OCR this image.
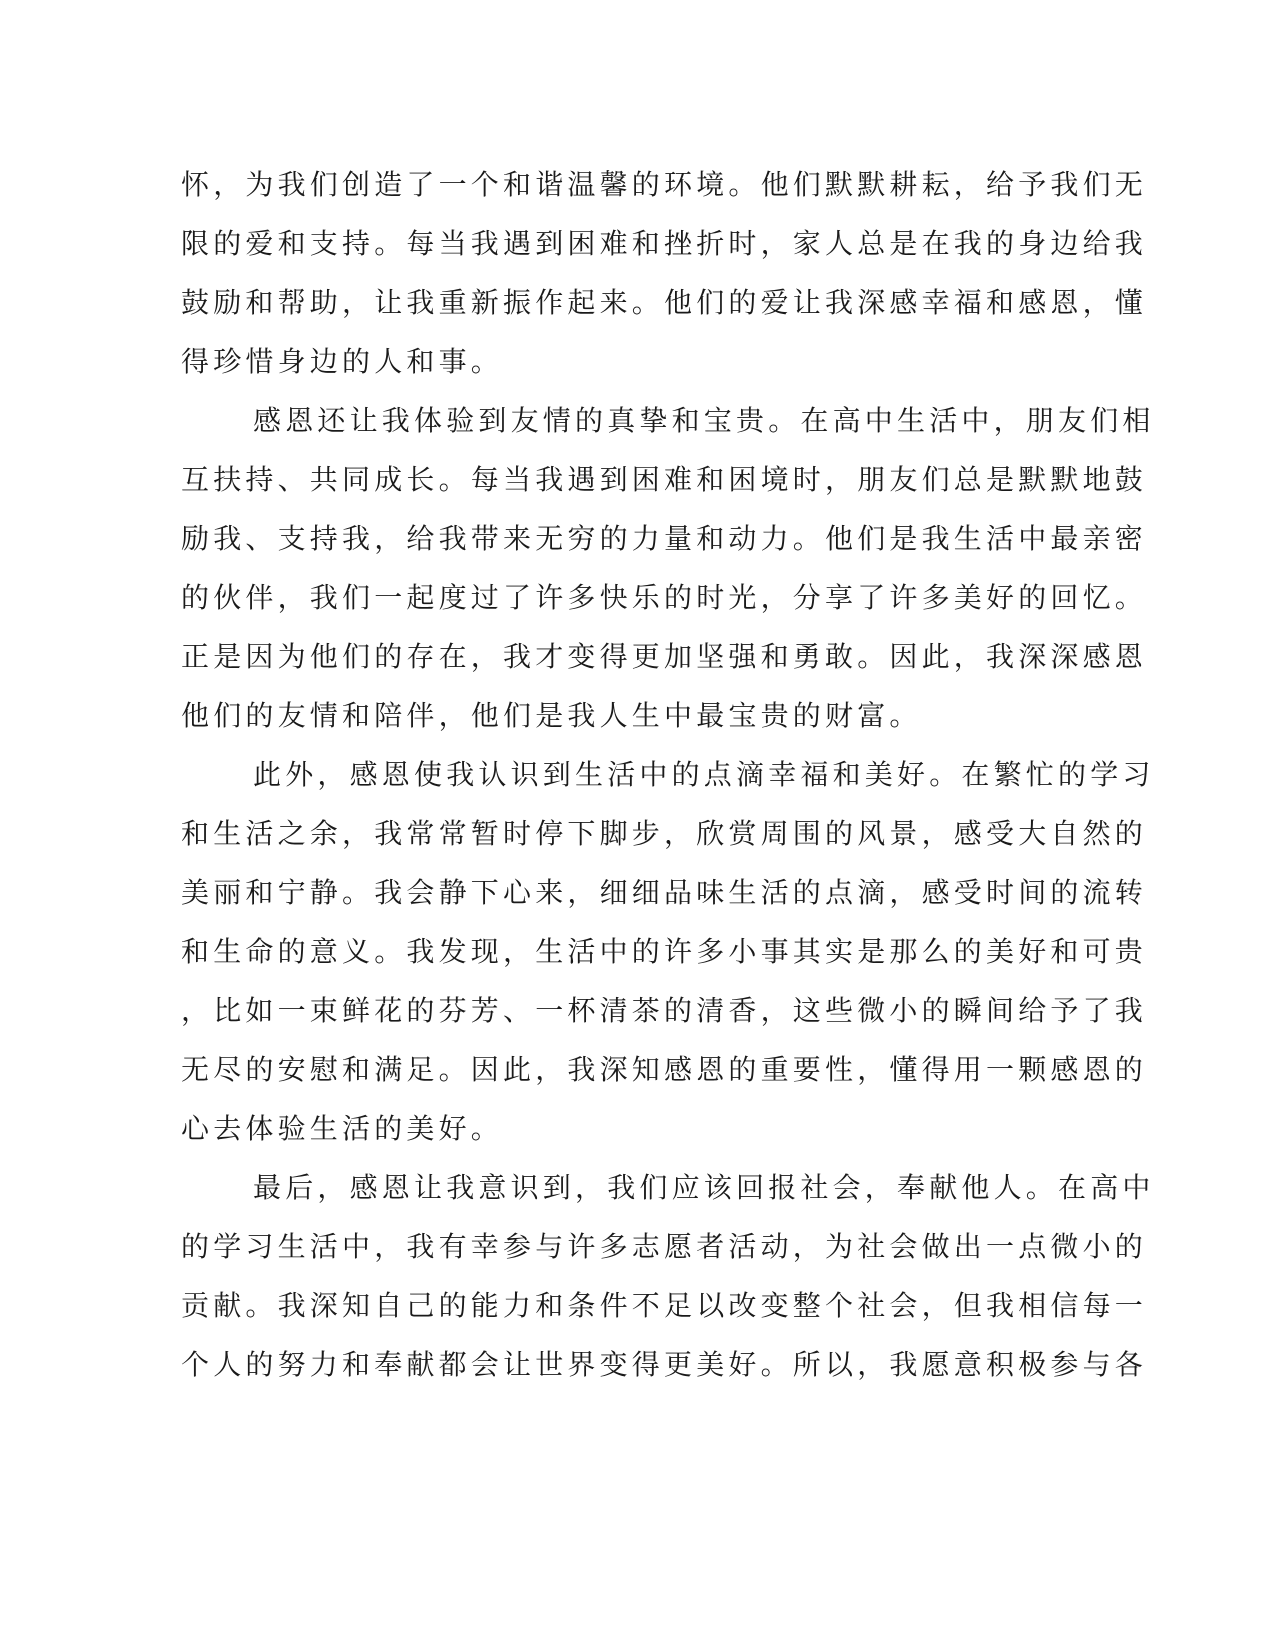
怀，为我们创造了一个和谐温馨的环境。他们默默耕耘，给予我们无
限的爱和支持。每当我遇到困难和挫折时，家人总是在我的身边给我
鼓励和帮助，让我重新振作起来。他们的爱让我深感幸福和感恩，懂
得珍惜身边的人和事。
感恩还让我体验到友情的真挚和宝贵。在高中生活中，朋友们相
互扶持、共同成长。每当我遇到困难和困境时，朋友们总是默默地鼓
励我、支持我，给我带来无穷的力量和动力。他们是我生活中最亲密
的伙伴，我们一起度过了许多快乐的时光，分享了许多美好的回忆。
正是因为他们的存在，我才变得更加坚强和勇敢。因此，我深深感恩
他们的友情和陪伴，他们是我人生中最宝贵的财富。
此外，感恩使我认识到生活中的点滴幸福和美好。在繁忙的学习
和生活之余，我常常暂时停下脚步，欣赏周围的风景，感受大自然的
美丽和宁静。我会静下心来，细细品味生活的点滴，感受时间的流转
和生命的意义。我发现，生活中的许多小事其实是那么的美好和可贵
，比如一束鲜花的芬芳、一杯清茶的清香，这些微小的瞬间给予了我
无尽的安慰和满足。因此，我深知感恩的重要性，懂得用一颗感恩的
心去体验生活的美好。
最后，感恩让我意识到，我们应该回报社会，奉献他人。在高中
的学习生活中，我有幸参与许多志愿者活动，为社会做出一点微小的
贡献。我深知自己的能力和条件不足以改变整个社会，但我相信每一
个人的努力和奉献都会让世界变得更美好。所以，我愿意积极参与各
